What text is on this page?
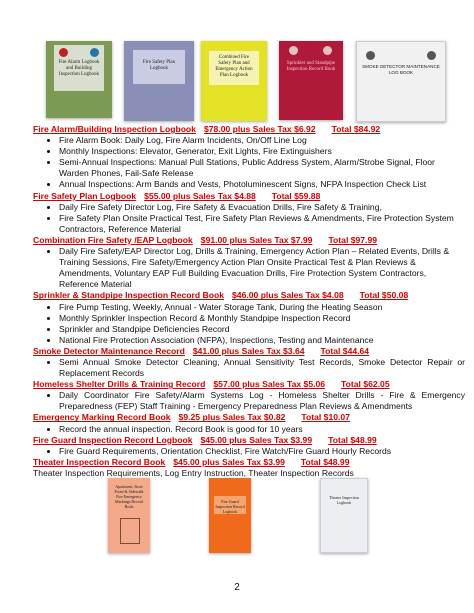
Fire Alarm Logbook and Building Inspection Logbook
Fire Safety Plan Logbook
Combined Fire Safety Plan and Emergency Action Plan Logbook
Sprinkler and Standpipe Inspection Record Book
SMOKE DETECTOR MAINTENANCE LOG BOOK
Fire Alarm/Building Inspection Logbook $78.00 plus Sales Tax $6.92 Total $84.92
• Fire Alarm Book: Daily Log, Fire Alarm Incidents, On/Off Line Log
• Monthly Inspections: Elevator, Generator, Exit Lights, Fire Extinguishers
• Semi-Annual Inspections: Manual Pull Stations, Public Address System, Alarm/Strobe Signal, Floor Warden Phones, Fail-Safe Release
• Annual Inspections: Arm Bands and Vests, Photoluminescent Signs, NFPA Inspection Check List
Fire Safety Plan Logbook $55.00 plus Sales Tax $4.88 Total $59.88
• Daily Fire Safety Director Log, Fire Safety & Evacuation Drills, Fire Safety & Training,
• Fire Safety Plan Onsite Practical Test, Fire Safety Plan Reviews & Amendments, Fire Protection System Contractors, Reference Material
Combination Fire Safety /EAP Logbook $91.00 plus Sales Tax $7.99 Total $97.99
• Daily Fire Safety/EAP Director Log, Drills & Training, Emergency Action Plan – Related Events, Drills & Training Sessions, Fire Safety/Emergency Action Plan Onsite Practical Test & Plan Reviews & Amendments, Voluntary EAP Full Building Evacuation Drills, Fire Protection System Contractors, Reference Material
Sprinkler & Standpipe Inspection Record Book $46.00 plus Sales Tax $4.08 Total $50.08
• Fire Pump Testing, Weekly, Annual - Water Storage Tank, During the Heating Season
• Monthly Sprinkler Inspection Record & Monthly Standpipe Inspection Record
• Sprinkler and Standpipe Deficiencies Record
• National Fire Protection Association (NFPA), Inspections, Testing and Maintenance
Smoke Detector Maintenance Record $41.00 plus Sales Tax $3.64 Total $44.64
• Semi Annual Smoke Detector Cleaning, Annual Sensitivity Test Records, Smoke Detector Repair or Replacement Records
Homeless Shelter Drills & Training Record $57.00 plus Sales Tax $5.06 Total $62.05
• Daily Coordinator Fire Safety/Alarm Systems Log - Homeless Shelter Drills - Fire & Emergency Preparedness (FEP) Staff Training - Emergency Preparedness Plan Reviews & Amendments
Emergency Marking Record Book $9.25 plus Sales Tax $0.82 Total $10.07
• Record the annual inspection. Record Book is good for 10 years
Fire Guard Inspection Record Logbook $45.00 plus Sales Tax $3.99 Total $48.99
• Fire Guard Requirements, Orientation Checklist, Fire Watch/Fire Guard Hourly Records
Theater Inspection Record Book $45.00 plus Sales Tax $3.99 Total $48.99
Theater Inspection Requirements, Log Entry Instruction, Theater Inspection Records
Apartment, Store Fixed & Sidewalk Fire Emergency Markings Record Book
Fire Guard Inspection Record Logbook
Theater Inspection Logbook
2
